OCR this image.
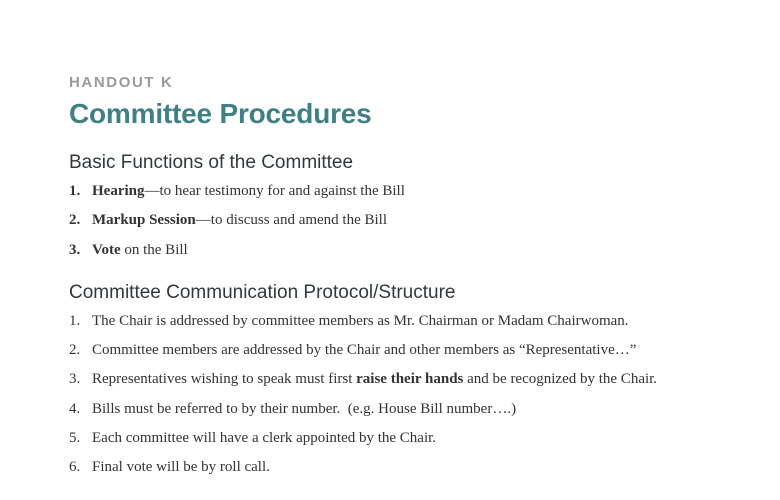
HANDOUT K
Committee Procedures
Basic Functions of the Committee
1. Hearing—to hear testimony for and against the Bill
2. Markup Session—to discuss and amend the Bill
3. Vote on the Bill
Committee Communication Protocol/Structure
1. The Chair is addressed by committee members as Mr. Chairman or Madam Chairwoman.
2. Committee members are addressed by the Chair and other members as “Representative…”
3. Representatives wishing to speak must first raise their hands and be recognized by the Chair.
4. Bills must be referred to by their number.  (e.g. House Bill number….)
5. Each committee will have a clerk appointed by the Chair.
6. Final vote will be by roll call.
